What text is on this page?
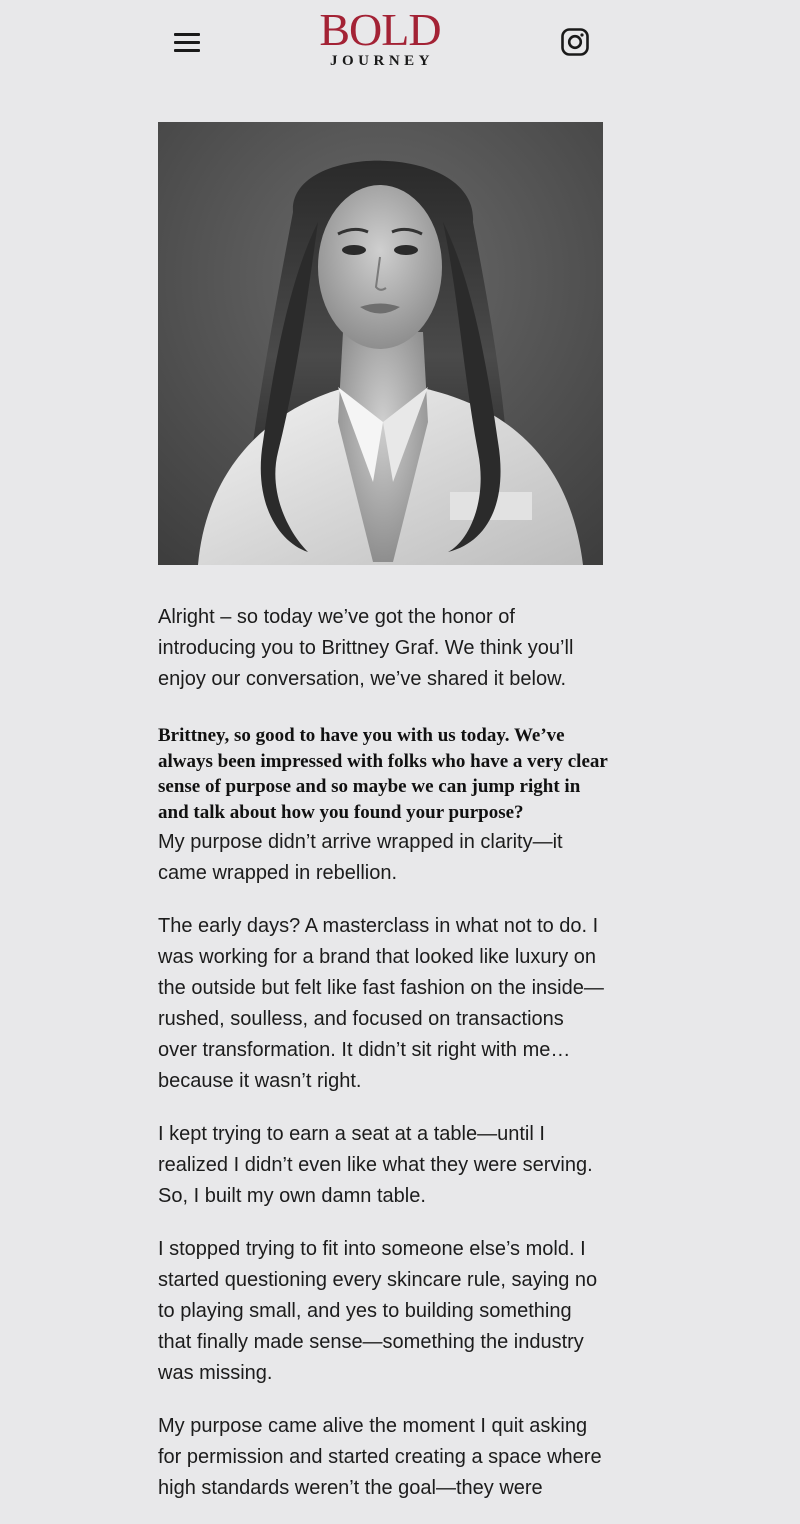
BOLD
JOURNEY

Alright – so today we’ve got the honor of introducing you to Brittney Graf. We think you’ll enjoy our conversation, we’ve shared it below.

Brittney, so good to have you with us today. We’ve always been impressed with folks who have a very clear sense of purpose and so maybe we can jump right in and talk about how you found your purpose?

My purpose didn’t arrive wrapped in clarity—it came wrapped in rebellion.

The early days? A masterclass in what not to do. I was working for a brand that looked like luxury on the outside but felt like fast fashion on the inside—rushed, soulless, and focused on transactions over transformation. It didn’t sit right with me… because it wasn’t right.

I kept trying to earn a seat at a table—until I realized I didn’t even like what they were serving. So, I built my own damn table.

I stopped trying to fit into someone else’s mold. I started questioning every skincare rule, saying no to playing small, and yes to building something that finally made sense—something the industry was missing.

My purpose came alive the moment I quit asking for permission and started creating a space where high standards weren’t the goal—they were
